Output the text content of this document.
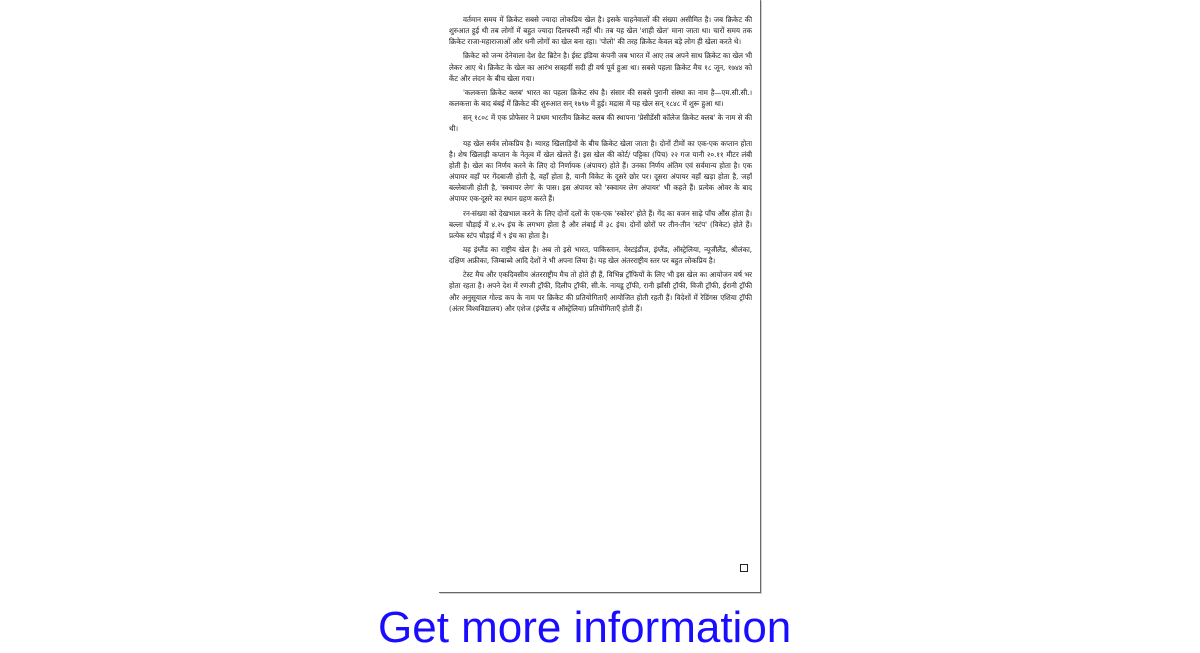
वर्तमान समय में क्रिकेट सबसे ज्यादा लोकप्रिय खेल है। इसके चाहनेवालों की संख्या असीमित है। जब क्रिकेट की शुरुआत हुई थी तब लोगों में बहुत ज्यादा दिलचस्पी नहीं थी। तब यह खेल 'शाही खेल' माना जाता था। चारों समय तक क्रिकेट राजा-महाराजाओं और धनी लोगों का खेल बना रहा। 'पोलो' की तरह क्रिकेट केवल बड़े लोग ही खेला करते थे।

क्रिकेट को जन्म देनेवाला देश ग्रेट ब्रिटेन है। ईस्ट इंडिया कंपनी जब भारत में आए तब अपने साथ क्रिकेट का खेल भी लेकर आए थे। क्रिकेट के खेल का आरंभ सत्रहवीं सदी ही वर्ष पूर्व हुआ था। सबसे पहला क्रिकेट मैच १८ जून, १७४४ को केंट और लंदन के बीच खेला गया।

'कलकत्ता क्रिकेट क्लब' भारत का पहला क्रिकेट संघ है। संसार की सबसे पुरानी संस्था का नाम है—एम.सी.सी.। कलकत्ता के बाद बंबई में क्रिकेट की शुरुआत सन् १७९७ में हुई। मद्रास में यह खेल सन् १८४८ में शुरू हुआ था।

सन् १८०८ में एक प्रोफेसर ने प्रथम भारतीय क्रिकेट क्लब की स्थापना 'प्रेसीडेंसी कॉलेज क्रिकेट क्लब' के नाम से की थी।

यह खेल सर्वत्र लोकप्रिय है। ग्यारह खिलाड़ियों के बीच क्रिकेट खेला जाता है। दोनों टीमों का एक-एक कप्तान होता है। शेष खिलाड़ी कप्तान के नेतृत्व में खेल खेलते हैं। इस खेल की कोर्ट/ पट्टिका (पिच) २२ गज यानी २०.११ मीटर लंबी होती है। खेल का निर्णय करने के लिए दो निर्णायक (अंपायर) होते हैं। उनका निर्णय अंतिम एवं सर्वमान्य होता है। एक अंपायर वहाँ पर गेंदबाजी होती है, वहाँ होता है, यानी विकेट के दूसरे छोर पर। दूसरा अंपायर वहाँ खड़ा होता है, जहाँ बल्लेबाजी होती है, 'स्क्वायर लेग' के पास। इस अंपायर को 'स्क्वायर लेग अंपायर' भी कहते हैं। प्रत्येक ओवर के बाद अंपायर एक-दूसरे का स्थान ग्रहण करते हैं।

रन-संख्या को देखभाल करने के लिए दोनों दलों के एक-एक 'स्कोरर' होते हैं। गेंद का वजन साढ़े पाँच औंस होता है। बल्ला चौड़ाई में ४.२५ इंच के लगभग होता है और लंबाई में ३८ इंच। दोनों छोरों पर तीन-तीन 'स्टंप' (विकेट) होते हैं। प्रत्येक स्टंप चौड़ाई में ९ इंच का होता है।

यह इंग्लैंड का राष्ट्रीय खेल है। अब तो इसे भारत, पाकिस्तान, वेस्टइंडीज, इंग्लैंड, ऑस्ट्रेलिया, न्यूजीलैंड, श्रीलंका, दक्षिण अफ्रीका, जिम्बाब्वे आदि देशों ने भी अपना लिया है। यह खेल अंतरराष्ट्रीय स्तर पर बहुत लोकप्रिय है।

टेस्ट मैच और एकदिवसीय अंतरराष्ट्रीय मैच तो होते ही हैं, विभिन्न ट्रॉफियों के लिए भी इस खेल का आयोजन वर्ष भर होता रहता है। अपने देश में रणजी ट्रॉफी, दिलीप ट्रॉफी, सी.के. नायडू ट्रॉफी, रानी झाँसी ट्रॉफी, विजी ट्रॉफी, ईरानी ट्रॉफी और अनुसूयाल गोल्ड कप के नाम पर क्रिकेट की प्रतियोगिताएँ आयोजित होती रहती हैं। विदेशों में रेडिंगस एशिया ट्रॉफी (अंतर विश्वविद्यालय) और एशेज (इंग्लैंड व ऑस्ट्रेलिया) प्रतियोगिताएँ होती हैं।

Get more information
